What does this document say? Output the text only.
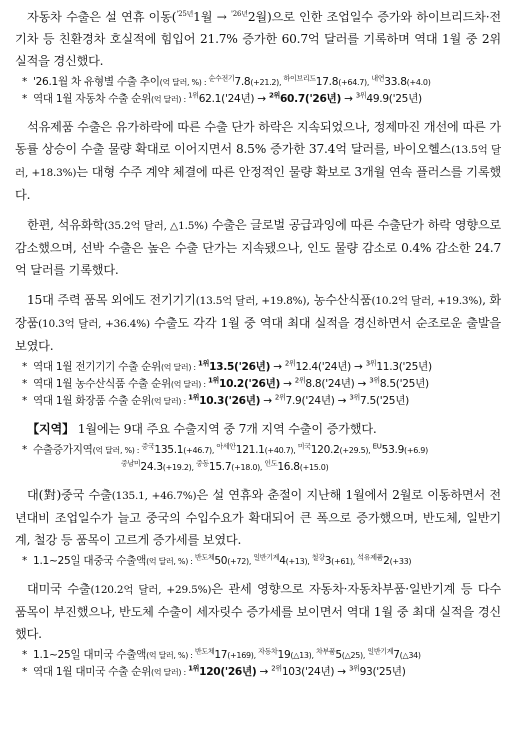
자동차 수출은 설 연휴 이동($^{'25년}$1월 → $^{'26년}$2월)으로 인한 조업일수 증가와 하이브리드차·전기차 등 친환경차 호실적에 힘입어 21.7% 증가한 60.7억 달러를 기록하며 역대 1월 중 2위 실적을 경신했다.

* '26.1월 차 유형별 수출 추이(억 달러, %) : $^{순수전기}$7.8(+21.2), $^{하이브리드}$17.8(+64.7), $^{내연}$33.8(+4.0)
* 역대 1월 자동차 수출 순위(억 달러) : $^{1위}$62.1('24년) → $^{2위}$60.7('26년) → $^{3위}$49.9('25년)

석유제품 수출은 유가하락에 따른 수출 단가 하락은 지속되었으나, 정제마진 개선에 따른 가동률 상승이 수출 물량 확대로 이어지면서 8.5% 증가한 37.4억 달러를, 바이오헬스(13.5억 달러, +18.3%)는 대형 수주 계약 체결에 따른 안정적인 물량 확보로 3개월 연속 플러스를 기록했다.

한편, 석유화학(35.2억 달러, △1.5%) 수출은 글로벌 공급과잉에 따른 수출단가 하락 영향으로 감소했으며, 선박 수출은 높은 수출 단가는 지속됐으나, 인도 물량 감소로 0.4% 감소한 24.7억 달러를 기록했다.

15대 주력 품목 외에도 전기기기(13.5억 달러, +19.8%), 농수산식품(10.2억 달러, +19.3%), 화장품(10.3억 달러, +36.4%) 수출도 각각 1월 중 역대 최대 실적을 경신하면서 순조로운 출발을 보였다.

* 역대 1월 전기기기 수출 순위(억 달러) : $^{1위}$13.5('26년) → $^{2위}$12.4('24년) → $^{3위}$11.3('25년)
* 역대 1월 농수산식품 수출 순위(억 달러) : $^{1위}$10.2('26년) → $^{2위}$8.8('24년) → $^{3위}$8.5('25년)
* 역대 1월 화장품 수출 순위(억 달러) : $^{1위}$10.3('26년) → $^{2위}$7.9('24년) → $^{3위}$7.5('25년)

【지역】 1월에는 9대 주요 수출지역 중 7개 지역 수출이 증가했다.

* 수출증가지역(억 달러, %) : $^{중국}$135.1(+46.7), $^{아세안}$121.1(+40.7), $^{미국}$120.2(+29.5), $^{EU}$53.9(+6.9)
$^{중남미}$24.3(+19.2), $^{중동}$15.7(+18.0), $^{인도}$16.8(+15.0)

대(對)중국 수출(135.1, +46.7%)은 설 연휴와 춘절이 지난해 1월에서 2월로 이동하면서 전년대비 조업일수가 늘고 중국의 수입수요가 확대되어 큰 폭으로 증가했으며, 반도체, 일반기계, 철강 등 품목이 고르게 증가세를 보였다.

* 1.1~25일 대중국 수출액(억 달러, %) : $^{반도체}$50(+72), $^{일반기계}$4(+13), $^{철강}$3(+61), $^{석유제품}$2(+33)

대미국 수출(120.2억 달러, +29.5%)은 관세 영향으로 자동차·자동차부품·일반기계 등 다수 품목이 부진했으나, 반도체 수출이 세자릿수 증가세를 보이면서 역대 1월 중 최대 실적을 경신했다.

* 1.1~25일 대미국 수출액(억 달러, %) : $^{반도체}$17(+169), $^{자동차}$19(△13), $^{차부품}$5(△25), $^{일반기계}$7(△34)
* 역대 1월 대미국 수출 순위(억 달러) : $^{1위}$120('26년) → $^{2위}$103('24년) → $^{3위}$93('25년)
